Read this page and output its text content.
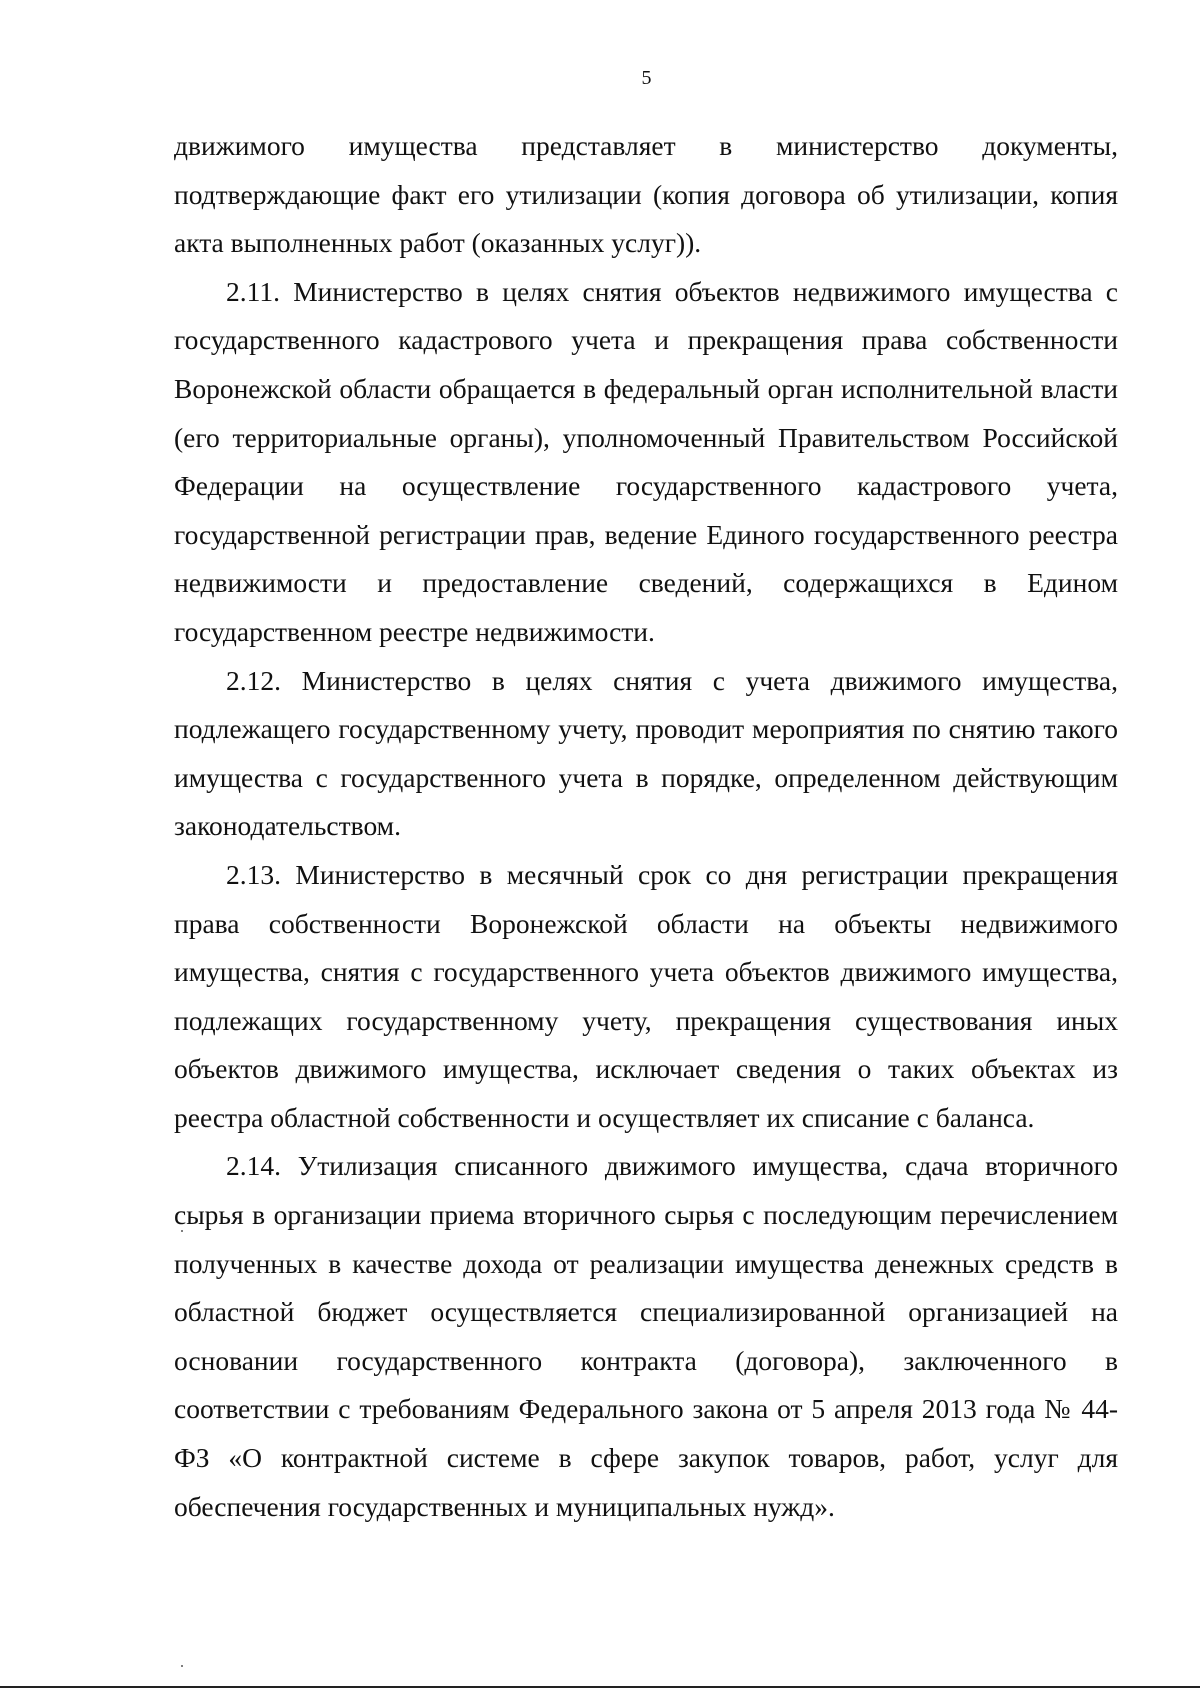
5

движимого имущества представляет в министерство документы, подтверждающие факт его утилизации (копия договора об утилизации, копия акта выполненных работ (оказанных услуг)).

2.11. Министерство в целях снятия объектов недвижимого имущества с государственного кадастрового учета и прекращения права собственности Воронежской области обращается в федеральный орган исполнительной власти (его территориальные органы), уполномоченный Правительством Российской Федерации на осуществление государственного кадастрового учета, государственной регистрации прав, ведение Единого государственного реестра недвижимости и предоставление сведений, содержащихся в Едином государственном реестре недвижимости.

2.12. Министерство в целях снятия с учета движимого имущества, подлежащего государственному учету, проводит мероприятия по снятию такого имущества с государственного учета в порядке, определенном действующим законодательством.

2.13. Министерство в месячный срок со дня регистрации прекращения права собственности Воронежской области на объекты недвижимого имущества, снятия с государственного учета объектов движимого имущества, подлежащих государственному учету, прекращения существования иных объектов движимого имущества, исключает сведения о таких объектах из реестра областной собственности и осуществляет их списание с баланса.

2.14. Утилизация списанного движимого имущества, сдача вторичного сырья в организации приема вторичного сырья с последующим перечислением полученных в качестве дохода от реализации имущества денежных средств в областной бюджет осуществляется специализированной организацией на основании государственного контракта (договора), заключенного в соответствии с требованиям Федерального закона от 5 апреля 2013 года № 44-ФЗ «О контрактной системе в сфере закупок товаров, работ, услуг для обеспечения государственных и муниципальных нужд».
